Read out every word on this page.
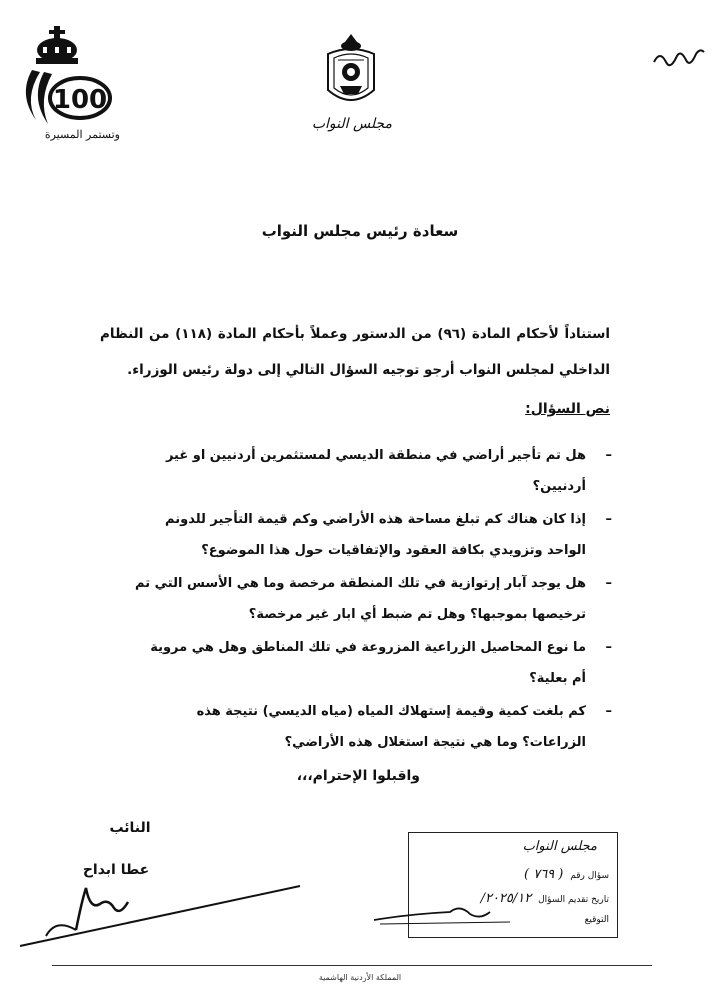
100
وتستمر المسيرة
مجلس النواب
٦٣٣٠
سعادة رئيس مجلس النواب
استناداً لأحكام المادة (٩٦) من الدستور وعملاً بأحكام المادة (١١٨) من النظام الداخلي لمجلس النواب أرجو توجيه السؤال التالي إلى دولة رئيس الوزراء.
نص السؤال:
–
هل تم تأجير أراضي في منطقة الديسي لمستثمرين أردنيين او غير أردنيين؟
–
إذا كان هناك كم تبلغ مساحة هذه الأراضي وكم قيمة التأجير للدونم الواحد وتزويدي بكافة العقود والإتفاقيات حول هذا الموضوع؟
–
هل يوجد آبار إرتوازية في تلك المنطقة مرخصة وما هي الأسس التي تم ترخيصها بموجبها؟ وهل تم ضبط أي ابار غير مرخصة؟
–
ما نوع المحاصيل الزراعية المزروعة في تلك المناطق وهل هي مروية أم بعلية؟
–
كم بلغت كمية وقيمة إستهلاك المياه (مياه الديسي) نتيجة هذه الزراعات؟ وما هي نتيجة استغلال هذه الأراضي؟
واقبلوا الإحترام،،،
النائب
عطا ابداح
مجلس النواب
سؤال رقم ( ٧٦٩ )
تاريخ تقديم السؤال ٢٠٢٥/١٢/
التوقيع
المملكة الأردنية الهاشمية
